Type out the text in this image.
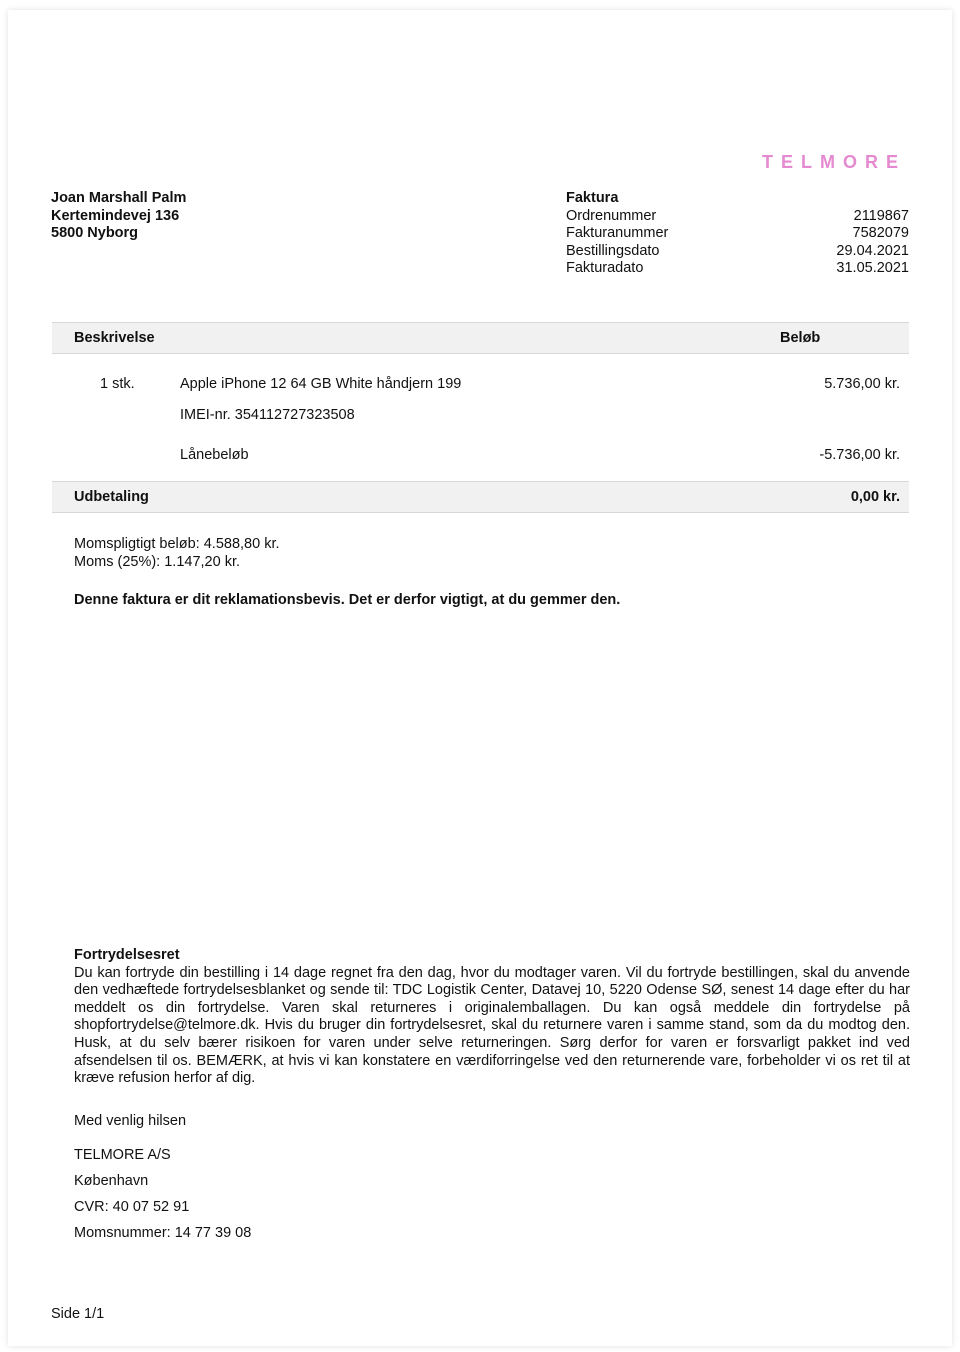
TELMORE
Joan Marshall Palm
Kertemindevej 136
5800 Nyborg
Faktura
Ordrenummer	2119867
Fakturanummer	7582079
Bestillingsdato	29.04.2021
Fakturadato	31.05.2021
Beskrivelse	Beløb
1 stk.	Apple iPhone 12 64 GB White håndjern 199	5.736,00 kr.
IMEI-nr. 354112727323508
Lånebeløb	-5.736,00 kr.
Udbetaling	0,00 kr.
Momspligtigt beløb: 4.588,80 kr.
Moms (25%): 1.147,20 kr.
Denne faktura er dit reklamationsbevis. Det er derfor vigtigt, at du gemmer den.
Fortrydelsesret

Du kan fortryde din bestilling i 14 dage regnet fra den dag, hvor du modtager varen. Vil du fortryde bestillingen, skal du anvende den vedhæftede fortrydelsesblanket og sende til: TDC Logistik Center, Datavej 10, 5220 Odense SØ, senest 14 dage efter du har meddelt os din fortrydelse. Varen skal returneres i originalemballagen. Du kan også meddele din fortrydelse på shopfortrydelse@telmore.dk. Hvis du bruger din fortrydelsesret, skal du returnere varen i samme stand, som da du modtog den. Husk, at du selv bærer risikoen for varen under selve returneringen. Sørg derfor for varen er forsvarligt pakket ind ved afsendelsen til os. BEMÆRK, at hvis vi kan konstatere en værdiforringelse ved den returnerende vare, forbeholder vi os ret til at kræve refusion herfor af dig.

Med venlig hilsen
TELMORE A/S
København
CVR: 40 07 52 91
Momsnummer: 14 77 39 08
Side 1/1
